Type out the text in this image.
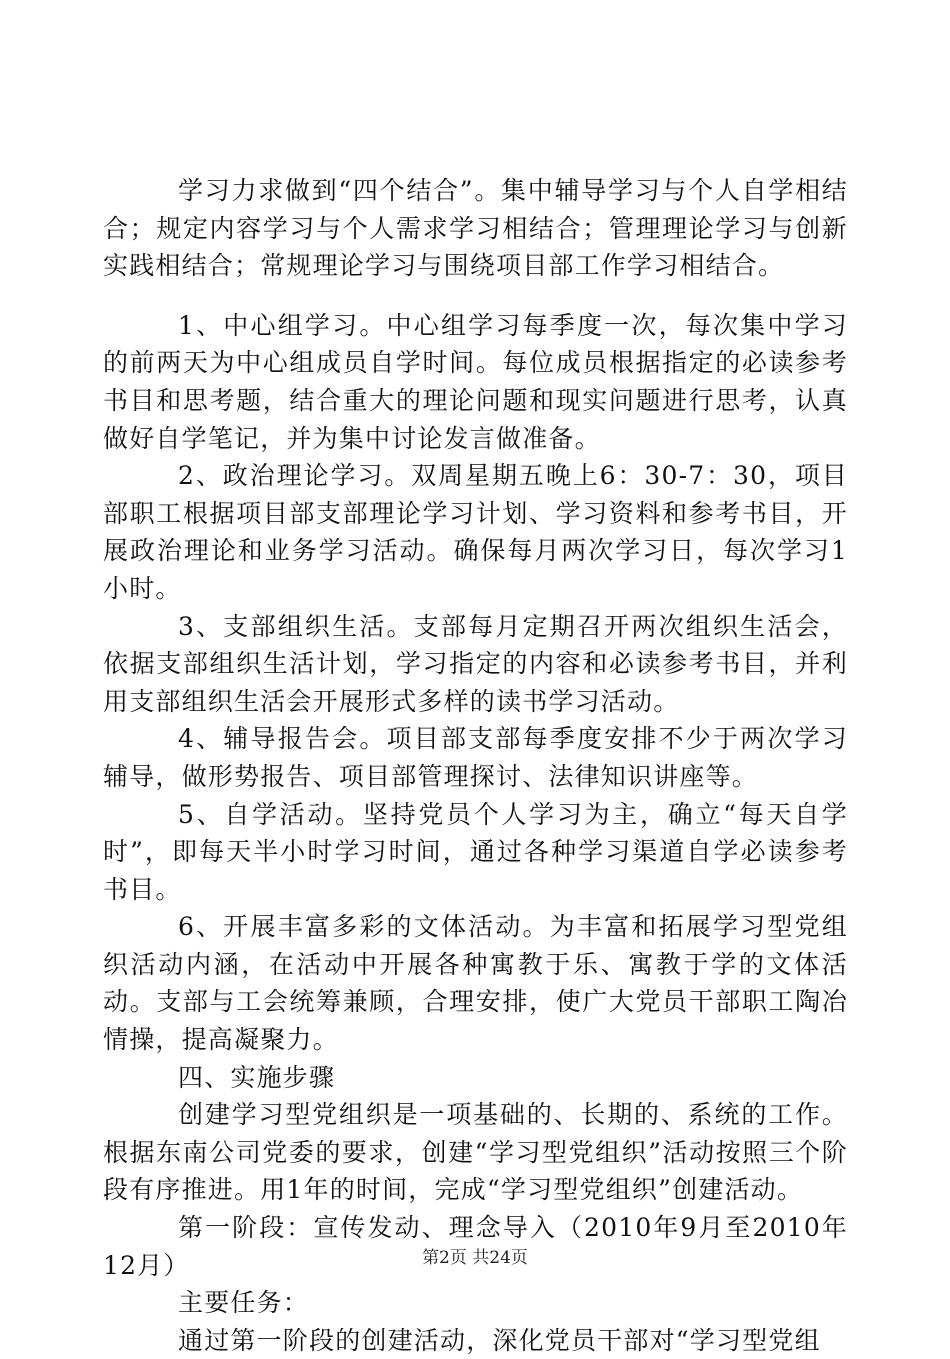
学习力求做到“四个结合”。集中辅导学习与个人自学相结合；规定内容学习与个人需求学习相结合；管理理论学习与创新实践相结合；常规理论学习与围绕项目部工作学习相结合。

1、中心组学习。中心组学习每季度一次，每次集中学习的前两天为中心组成员自学时间。每位成员根据指定的必读参考书目和思考题，结合重大的理论问题和现实问题进行思考，认真做好自学笔记，并为集中讨论发言做准备。

2、政治理论学习。双周星期五晚上6：30-7：30，项目部职工根据项目部支部理论学习计划、学习资料和参考书目，开展政治理论和业务学习活动。确保每月两次学习日，每次学习1小时。

3、支部组织生活。支部每月定期召开两次组织生活会，依据支部组织生活计划，学习指定的内容和必读参考书目，并利用支部组织生活会开展形式多样的读书学习活动。

4、辅导报告会。项目部支部每季度安排不少于两次学习辅导，做形势报告、项目部管理探讨、法律知识讲座等。

5、自学活动。坚持党员个人学习为主，确立“每天自学时”，即每天半小时学习时间，通过各种学习渠道自学必读参考书目。

6、开展丰富多彩的文体活动。为丰富和拓展学习型党组织活动内涵，在活动中开展各种寓教于乐、寓教于学的文体活动。支部与工会统筹兼顾，合理安排，使广大党员干部职工陶冶情操，提高凝聚力。

四、实施步骤

创建学习型党组织是一项基础的、长期的、系统的工作。根据东南公司党委的要求，创建“学习型党组织”活动按照三个阶段有序推进。用1年的时间，完成“学习型党组织”创建活动。

第一阶段：宣传发动、理念导入（2010年9月至2010年12月）

主要任务：

通过第一阶段的创建活动，深化党员干部对“学习型党组

第2页 共24页
